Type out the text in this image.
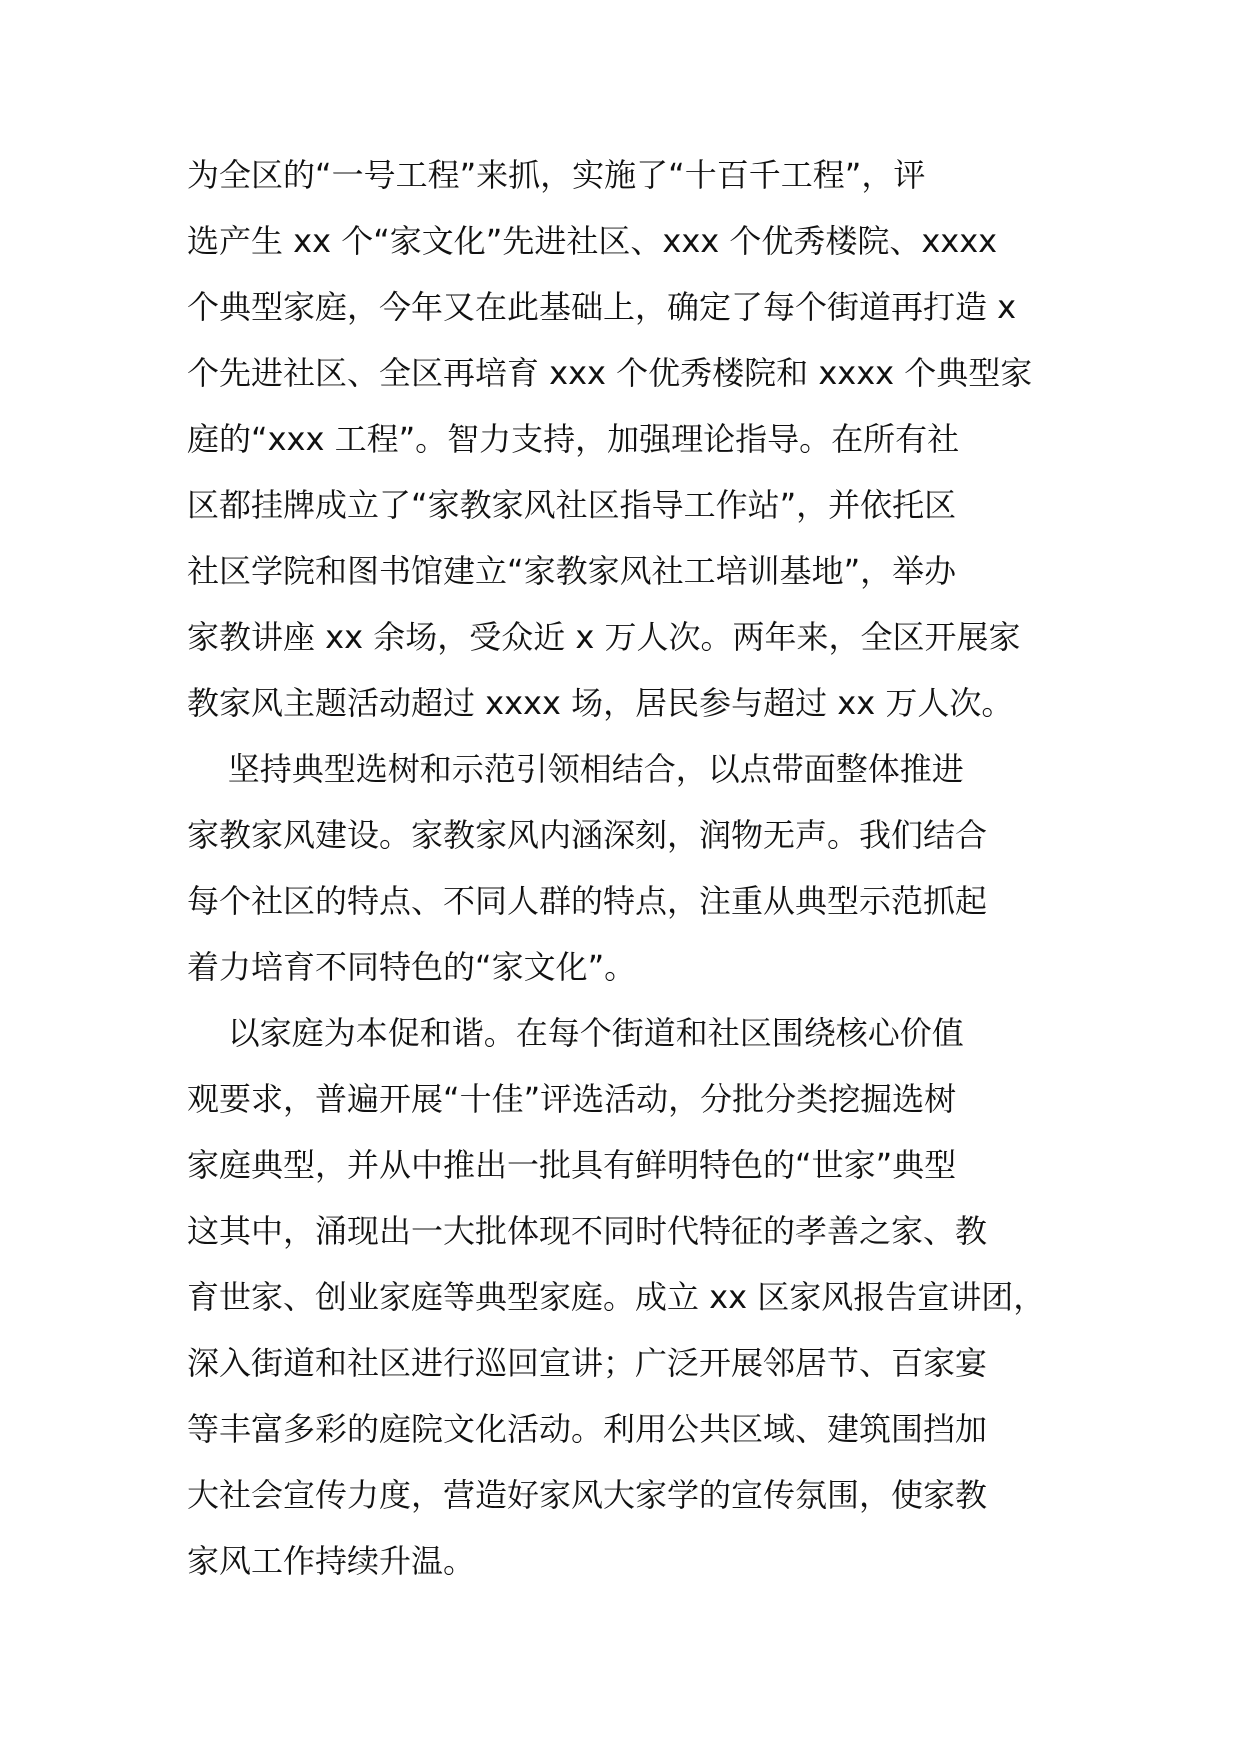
为全区的“一号工程”来抓，实施了“十百千工程”，评
选产生 xx 个“家文化”先进社区、xxx 个优秀楼院、xxxx
个典型家庭，今年又在此基础上，确定了每个街道再打造 x
个先进社区、全区再培育 xxx 个优秀楼院和 xxxx 个典型家
庭的“xxx 工程”。智力支持，加强理论指导。在所有社
区都挂牌成立了“家教家风社区指导工作站”，并依托区
社区学院和图书馆建立“家教家风社工培训基地”，举办
家教讲座 xx 余场，受众近 x 万人次。两年来，全区开展家
教家风主题活动超过 xxxx 场，居民参与超过 xx 万人次。
坚持典型选树和示范引领相结合，以点带面整体推进
家教家风建设。家教家风内涵深刻，润物无声。我们结合
每个社区的特点、不同人群的特点，注重从典型示范抓起
着力培育不同特色的“家文化”。
以家庭为本促和谐。在每个街道和社区围绕核心价值
观要求，普遍开展“十佳”评选活动，分批分类挖掘选树
家庭典型，并从中推出一批具有鲜明特色的“世家”典型
这其中，涌现出一大批体现不同时代特征的孝善之家、教
育世家、创业家庭等典型家庭。成立 xx 区家风报告宣讲团，
深入街道和社区进行巡回宣讲；广泛开展邻居节、百家宴
等丰富多彩的庭院文化活动。利用公共区域、建筑围挡加
大社会宣传力度，营造好家风大家学的宣传氛围，使家教
家风工作持续升温。
